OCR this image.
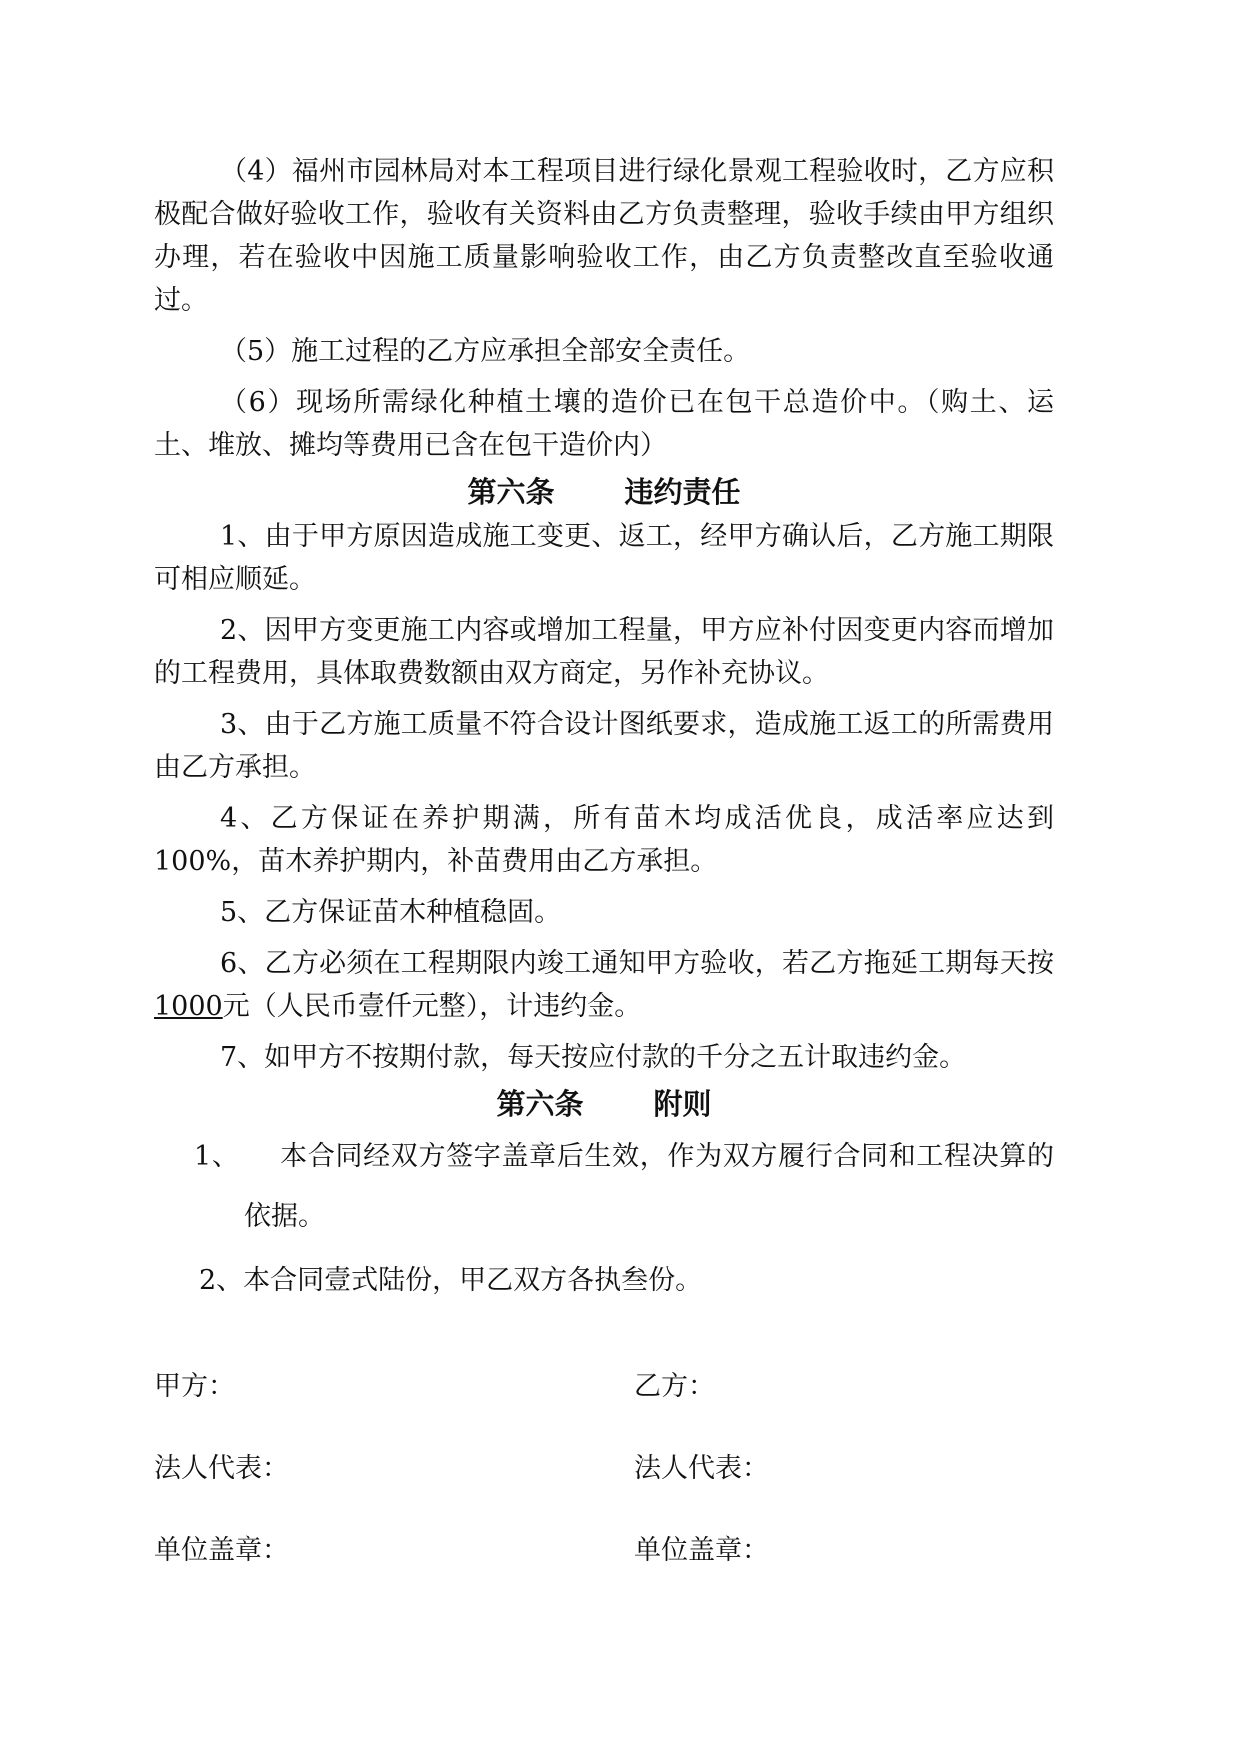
（4）福州市园林局对本工程项目进行绿化景观工程验收时，乙方应积极配合做好验收工作，验收有关资料由乙方负责整理，验收手续由甲方组织办理，若在验收中因施工质量影响验收工作，由乙方负责整改直至验收通过。

（5）施工过程的乙方应承担全部安全责任。

（6）现场所需绿化种植土壤的造价已在包干总造价中。（购土、运土、堆放、摊均等费用已含在包干造价内）

第六条 违约责任

1、由于甲方原因造成施工变更、返工，经甲方确认后，乙方施工期限可相应顺延。

2、因甲方变更施工内容或增加工程量，甲方应补付因变更内容而增加的工程费用，具体取费数额由双方商定，另作补充协议。

3、由于乙方施工质量不符合设计图纸要求，造成施工返工的所需费用由乙方承担。

4、乙方保证在养护期满，所有苗木均成活优良，成活率应达到100%，苗木养护期内，补苗费用由乙方承担。

5、乙方保证苗木种植稳固。

6、乙方必须在工程期限内竣工通知甲方验收，若乙方拖延工期每天按 1000元（人民币壹仟元整），计违约金。

7、如甲方不按期付款，每天按应付款的千分之五计取违约金。

第六条 附则

1、 本合同经双方签字盖章后生效，作为双方履行合同和工程决算的依据。

2、本合同壹式陆份，甲乙双方各执叁份。

甲方：	乙方：
法人代表：	法人代表：
单位盖章：	单位盖章：
